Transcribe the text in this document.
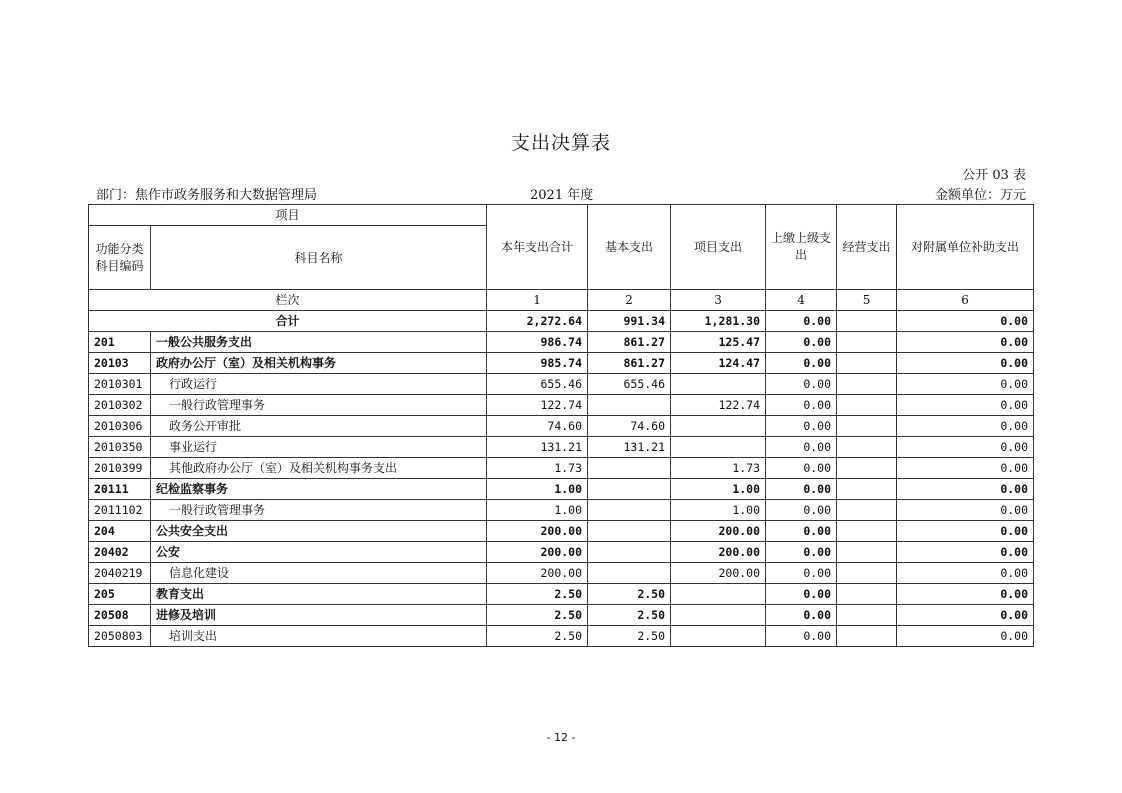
支出决算表
公开 03 表
部门：焦作市政务服务和大数据管理局	2021 年度	金额单位：万元
项目		本年支出合计	基本支出	项目支出	上缴上级支出	经营支出	对附属单位补助支出
功能分类科目编码	科目名称						
栏次		1	2	3	4	5	6
合计		2,272.64	991.34	1,281.30	0.00		0.00
201	一般公共服务支出	986.74	861.27	125.47	0.00		0.00
20103	政府办公厅（室）及相关机构事务	985.74	861.27	124.47	0.00		0.00
2010301	行政运行	655.46	655.46		0.00		0.00
2010302	一般行政管理事务	122.74		122.74	0.00		0.00
2010306	政务公开审批	74.60	74.60		0.00		0.00
2010350	事业运行	131.21	131.21		0.00		0.00
2010399	其他政府办公厅（室）及相关机构事务支出	1.73		1.73	0.00		0.00
20111	纪检监察事务	1.00		1.00	0.00		0.00
2011102	一般行政管理事务	1.00		1.00	0.00		0.00
204	公共安全支出	200.00		200.00	0.00		0.00
20402	公安	200.00		200.00	0.00		0.00
2040219	信息化建设	200.00		200.00	0.00		0.00
205	教育支出	2.50	2.50		0.00		0.00
20508	进修及培训	2.50	2.50		0.00		0.00
2050803	培训支出	2.50	2.50		0.00		0.00
- 12 -
